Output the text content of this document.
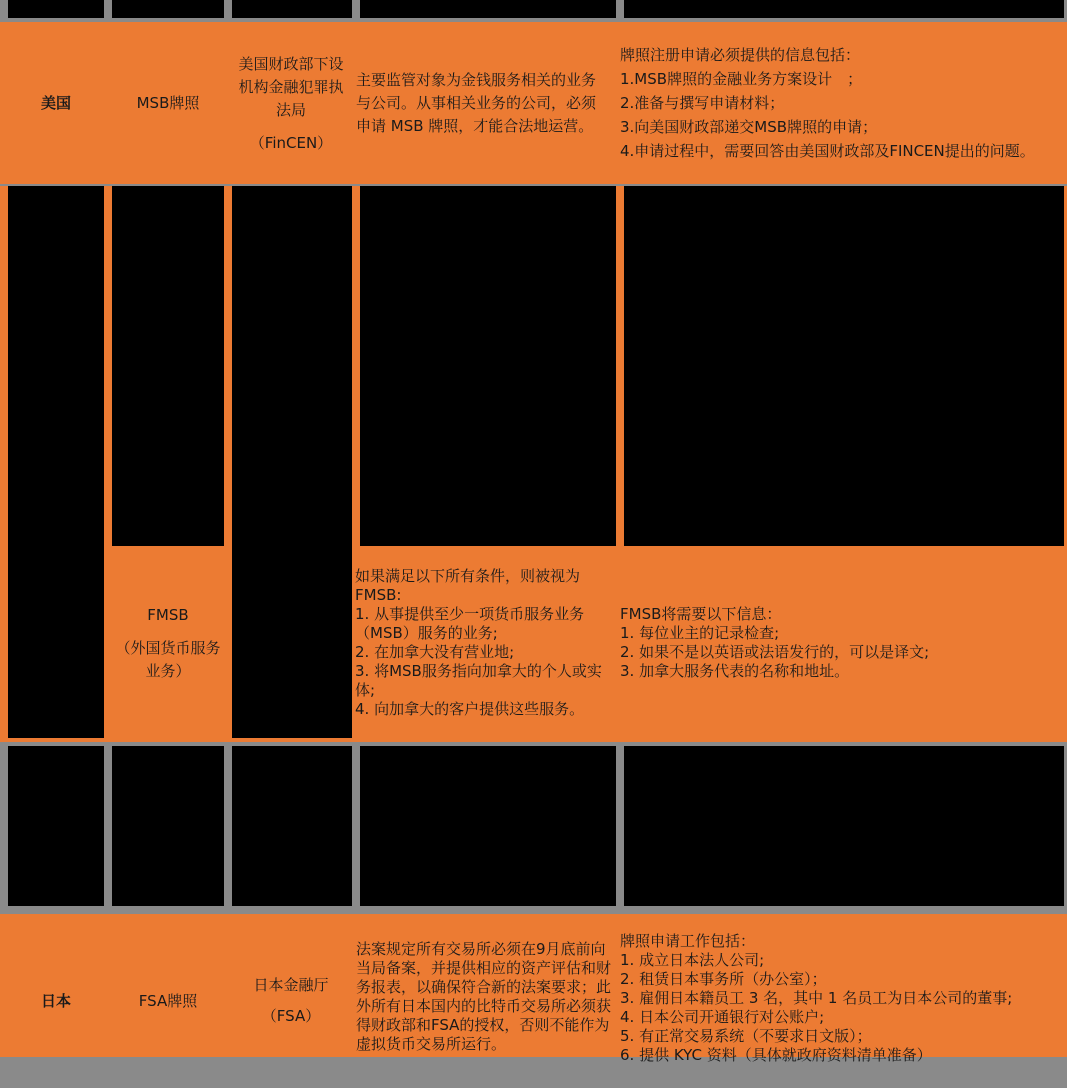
美国	MSB牌照
美国财政部下设
机构金融犯罪执
法局
（FinCEN）
主要监管对象为金钱服务相关的业务与公司。从事相关业务的公司，必须申请 MSB 牌照，才能合法地运营。
牌照注册申请必须提供的信息包括：
1.MSB牌照的金融业务方案设计　；
2.准备与撰写申请材料；
3.向美国财政部递交MSB牌照的申请；
4.申请过程中，需要回答由美国财政部及FINCEN提出的问题。
FMSB
（外国货币服务
业务）
如果满足以下所有条件，则被视为FMSB:
1. 从事提供至少一项货币服务业务（MSB）服务的业务;
2. 在加拿大没有营业地;
3. 将MSB服务指向加拿大的个人或实体;
4. 向加拿大的客户提供这些服务。
FMSB将需要以下信息：
1. 每位业主的记录检查;
2. 如果不是以英语或法语发行的，可以是译文;
3. 加拿大服务代表的名称和地址。
日本	FSA牌照
日本金融厅
（FSA）
法案规定所有交易所必须在9月底前向当局备案，并提供相应的资产评估和财务报表，以确保符合新的法案要求；此外所有日本国内的比特币交易所必须获得财政部和FSA的授权，否则不能作为虚拟货币交易所运行。
牌照申请工作包括：
1. 成立日本法人公司;
2. 租赁日本事务所（办公室）；
3. 雇佣日本籍员工 3 名，其中 1 名员工为日本公司的董事;
4. 日本公司开通银行对公账户;
5. 有正常交易系统（不要求日文版）；
6. 提供 KYC 资料（具体就政府资料清单准备）
